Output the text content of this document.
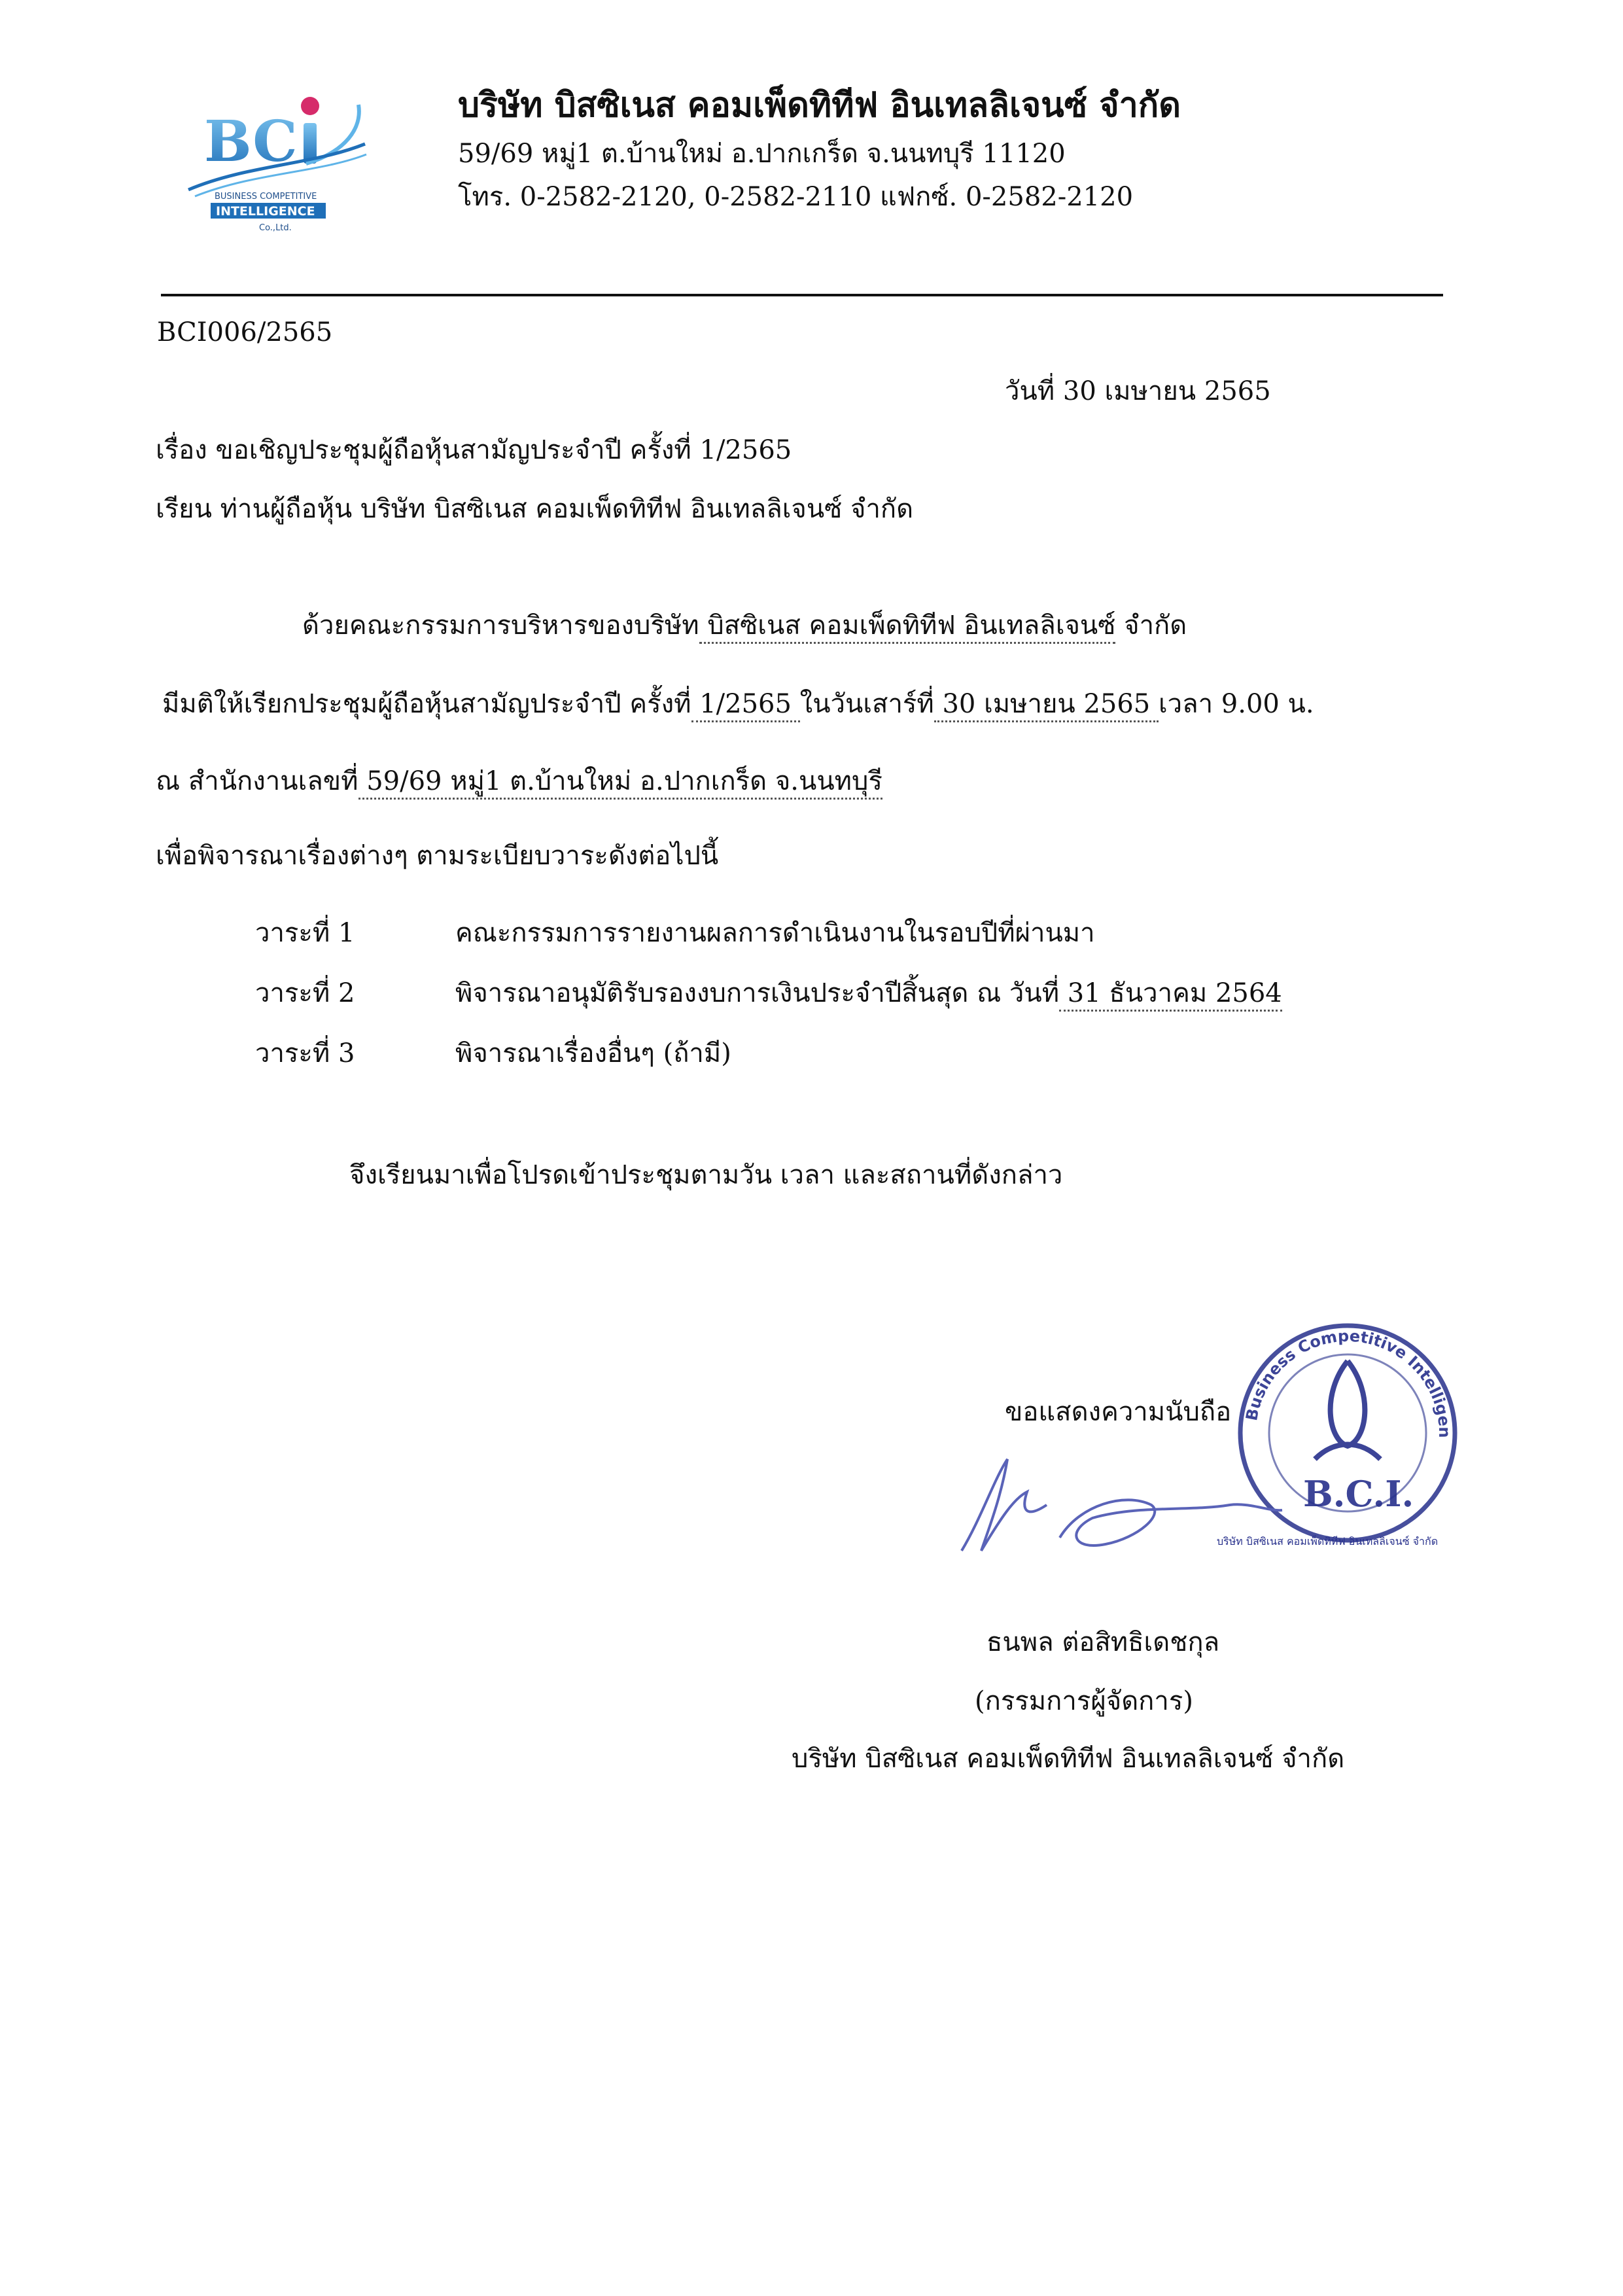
BC
BUSINESS COMPETITIVE
INTELLIGENCE
Co.,Ltd.
บริษัท บิสซิเนส คอมเพ็ดทิทีฟ อินเทลลิเจนซ์ จำกัด
59/69 หมู่1 ต.บ้านใหม่ อ.ปากเกร็ด จ.นนทบุรี 11120
โทร. 0-2582-2120, 0-2582-2110 แฟกซ์. 0-2582-2120
BCI006/2565
วันที่ 30 เมษายน 2565
เรื่อง ขอเชิญประชุมผู้ถือหุ้นสามัญประจำปี ครั้งที่ 1/2565
เรียน ท่านผู้ถือหุ้น บริษัท บิสซิเนส คอมเพ็ดทิทีฟ อินเทลลิเจนซ์ จำกัด
ด้วยคณะกรรมการบริหารของบริษัท บิสซิเนส คอมเพ็ดทิทีฟ อินเทลลิเจนซ์ จำกัด
มีมติให้เรียกประชุมผู้ถือหุ้นสามัญประจำปี ครั้งที่ 1/2565 ในวันเสาร์ที่ 30 เมษายน 2565 เวลา 9.00 น.
ณ สำนักงานเลขที่ 59/69 หมู่1 ต.บ้านใหม่ อ.ปากเกร็ด จ.นนทบุรี
เพื่อพิจารณาเรื่องต่างๆ ตามระเบียบวาระดังต่อไปนี้
วาระที่ 1	คณะกรรมการรายงานผลการดำเนินงานในรอบปีที่ผ่านมา
วาระที่ 2	พิจารณาอนุมัติรับรองงบการเงินประจำปีสิ้นสุด ณ วันที่ 31 ธันวาคม 2564
วาระที่ 3	พิจารณาเรื่องอื่นๆ (ถ้ามี)
จึงเรียนมาเพื่อโปรดเข้าประชุมตามวัน เวลา และสถานที่ดังกล่าว
ขอแสดงความนับถือ Business Competitive Intelligen
B.C.I.
บริษัท บิสซิเนส คอมเพ็ดทิทีฟ อินเทลลิเจนซ์ จำกัด
ธนพล ต่อสิทธิเดชกุล
(กรรมการผู้จัดการ)
บริษัท บิสซิเนส คอมเพ็ดทิทีฟ อินเทลลิเจนซ์ จำกัด
